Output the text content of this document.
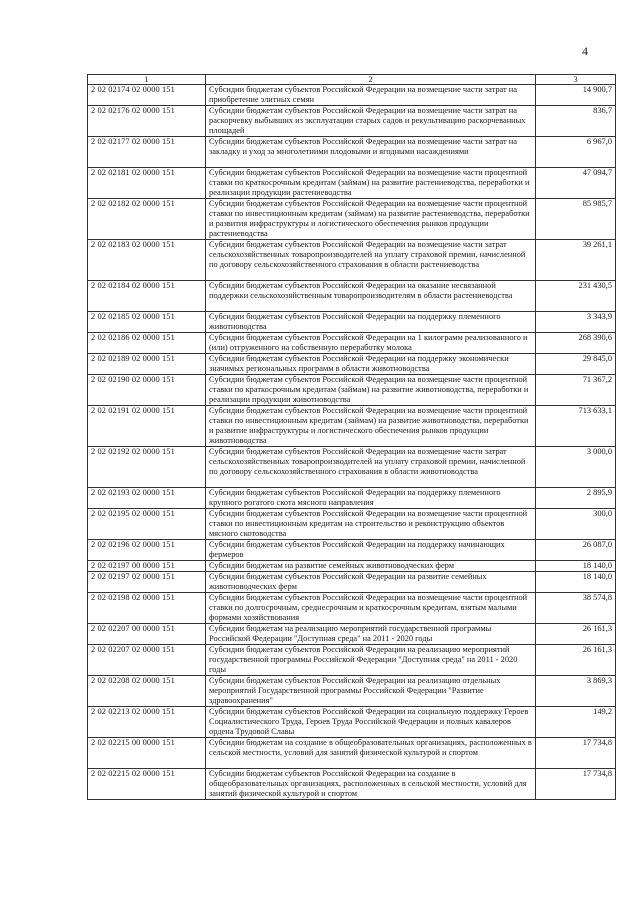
4
1	2	3
2 02 02174 02 0000 151	Субсидии бюджетам субъектов Российской Федерации на возмещение части затрат на приобретение элитных семян	14 900,7
2 02 02176 02 0000 151	Субсидии бюджетам субъектов Российской Федерации на возмещение части затрат на раскорчевку выбывших из эксплуатации старых садов и рекультивацию раскорчеванных площадей	836,7
2 02 02177 02 0000 151	Субсидии бюджетам субъектов Российской Федерации на возмещение части затрат на закладку и уход за многолетними плодовыми и ягодными насаждениями	6 967,0
2 02 02181 02 0000 151	Субсидии бюджетам субъектов Российской Федерации на возмещение части процентной ставки по краткосрочным кредитам (займам) на развитие растениеводства, переработки и реализации продукции растениеводства	47 094,7
2 02 02182 02 0000 151	Субсидии бюджетам субъектов Российской Федерации на возмещение части процентной ставки по инвестиционным кредитам (займам) на развитие растениеводства, переработки и развития инфраструктуры и логистического обеспечения рынков продукции растениеводства	85 985,7
2 02 02183 02 0000 151	Субсидии бюджетам субъектов Российской Федерации на возмещение части затрат сельскохозяйственных товаропроизводителей на уплату страховой премии, начисленной по договору сельскохозяйственного страхования в области растениеводства	39 261,1
2 02 02184 02 0000 151	Субсидии бюджетам субъектов Российской Федерации на оказание несвязанной поддержки сельскохозяйственным товаропроизводителям в области растениеводства	231 430,5
2 02 02185 02 0000 151	Субсидии бюджетам субъектов Российской Федерации на поддержку племенного животноводства	3 343,9
2 02 02186 02 0000 151	Субсидии бюджетам субъектов Российской Федерации на 1 килограмм реализованного и (или) отгруженного на собственную переработку молока	268 390,6
2 02 02189 02 0000 151	Субсидии бюджетам субъектов Российской Федерации на поддержку экономически значимых региональных программ в области животноводства	29 845,0
2 02 02190 02 0000 151	Субсидии бюджетам субъектов Российской Федерации на возмещение части процентной ставки по краткосрочным кредитам (займам) на развитие животноводства, переработки и реализации продукции животноводства	71 367,2
2 02 02191 02 0000 151	Субсидии бюджетам субъектов Российской Федерации на возмещение части процентной ставки по инвестиционным кредитам (займам) на развитие животноводства, переработки и развитие инфраструктуры и логистического обеспечения рынков продукции животноводства	713 633,1
2 02 02192 02 0000 151	Субсидии бюджетам субъектов Российской Федерации на возмещение части затрат сельскохозяйственных товаропроизводителей на уплату страховой премии, начисленной по договору сельскохозяйственного страхования в области животноводства	3 000,0
2 02 02193 02 0000 151	Субсидии бюджетам субъектов Российской Федерации на поддержку племенного крупного рогатого скота мясного направления	2 895,9
2 02 02195 02 0000 151	Субсидии бюджетам субъектов Российской Федерации на возмещение части процентной ставки по инвестиционным кредитам на строительство и реконструкцию объектов мясного скотоводства	300,0
2 02 02196 02 0000 151	Субсидии бюджетам субъектов Российской Федерации на поддержку начинающих фермеров	26 087,0
2 02 02197 00 0000 151	Субсидии бюджетам на развитие семейных животноводческих ферм	18 140,0
2 02 02197 02 0000 151	Субсидии бюджетам субъектов Российской Федерации на развитие семейных животноводческих ферм	18 140,0
2 02 02198 02 0000 151	Субсидии бюджетам субъектов Российской Федерации на возмещение части процентной ставки по долгосрочным, среднесрочным и краткосрочным кредитам, взятым малыми формами хозяйствования	38 574,8
2 02 02207 00 0000 151	Субсидии бюджетам на реализацию мероприятий государственной программы Российской Федерации "Доступная среда" на 2011 - 2020 годы	26 161,3
2 02 02207 02 0000 151	Субсидии бюджетам субъектов Российской Федерации на реализацию мероприятий государственной программы Российской Федерации "Доступная среда" на 2011 - 2020 годы	26 161,3
2 02 02208 02 0000 151	Субсидии бюджетам субъектов Российской Федерации на реализацию отдельных мероприятий Государственной программы Российской Федерации "Развитие здравоохранения"	3 869,3
2 02 02213 02 0000 151	Субсидии бюджетам субъектов Российской Федерации на социальную поддержку Героев Социалистического Труда, Героев Труда Российской Федерации и полных кавалеров ордена Трудовой Славы	149,2
2 02 02215 00 0000 151	Субсидии бюджетам на создание в общеобразовательных организациях, расположенных в сельской местности, условий для занятий физической культурой и спортом	17 734,8
2 02 02215 02 0000 151	Субсидии бюджетам субъектов Российской Федерации на создание в общеобразовательных организациях, расположенных в сельской местности, условий для занятий физической культурой и спортом	17 734,8
